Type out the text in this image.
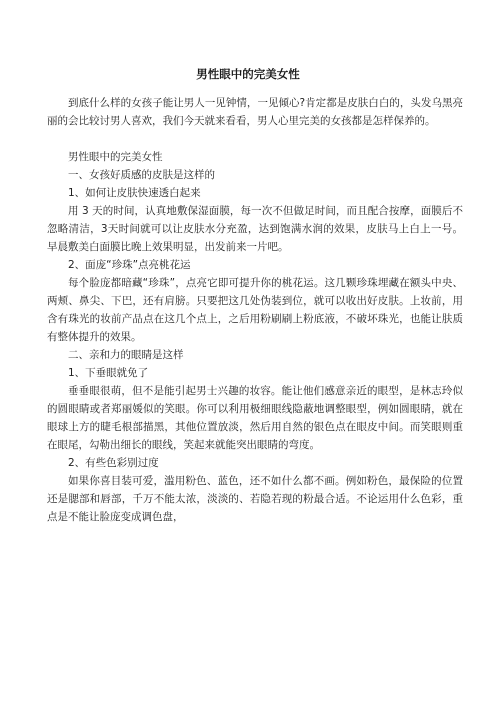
男性眼中的完美女性

到底什么样的女孩子能让男人一见钟情，一见倾心?肯定都是皮肤白白的，头发乌黑亮丽的会比较讨男人喜欢，我们今天就来看看，男人心里完美的女孩都是怎样保养的。

男性眼中的完美女性

一、女孩好质感的皮肤是这样的

1、如何让皮肤快速透白起来

用 3 天的时间，认真地敷保湿面膜，每一次不但做足时间，而且配合按摩，面膜后不忽略清洁，3天时间就可以让皮肤水分充盈，达到饱满水润的效果，皮肤马上白上一号。早晨敷美白面膜比晚上效果明显，出发前来一片吧。

2、面庞“珍珠”点亮桃花运

每个脸庞都暗藏“珍珠”，点亮它即可提升你的桃花运。这几颗珍珠埋藏在额头中央、两颊、鼻尖、下巴，还有肩膀。只要把这几处伪装到位，就可以收出好皮肤。上妆前，用含有珠光的妆前产品点在这几个点上，之后用粉刷刷上粉底液，不破坏珠光，也能让肤质有整体提升的效果。

二、亲和力的眼睛是这样

1、下垂眼就免了

垂垂眼很萌，但不是能引起男士兴趣的妆容。能让他们感意亲近的眼型，是林志玲似的圆眼睛或者郑丽媛似的笑眼。你可以利用极细眼线隐蔽地调整眼型，例如圆眼睛，就在眼球上方的睫毛根部描黑，其他位置放淡，然后用自然的银色点在眼皮中间。而笑眼则重在眼尾，勾勒出细长的眼线，笑起来就能突出眼睛的弯度。

2、有些色彩别过度

如果你喜目装可爱，滥用粉色、蓝色，还不如什么都不画。例如粉色，最保险的位置还是腮部和唇部，千万不能太浓，淡淡的、若隐若现的粉最合适。不论运用什么色彩，重点是不能让脸庞变成调色盘，
